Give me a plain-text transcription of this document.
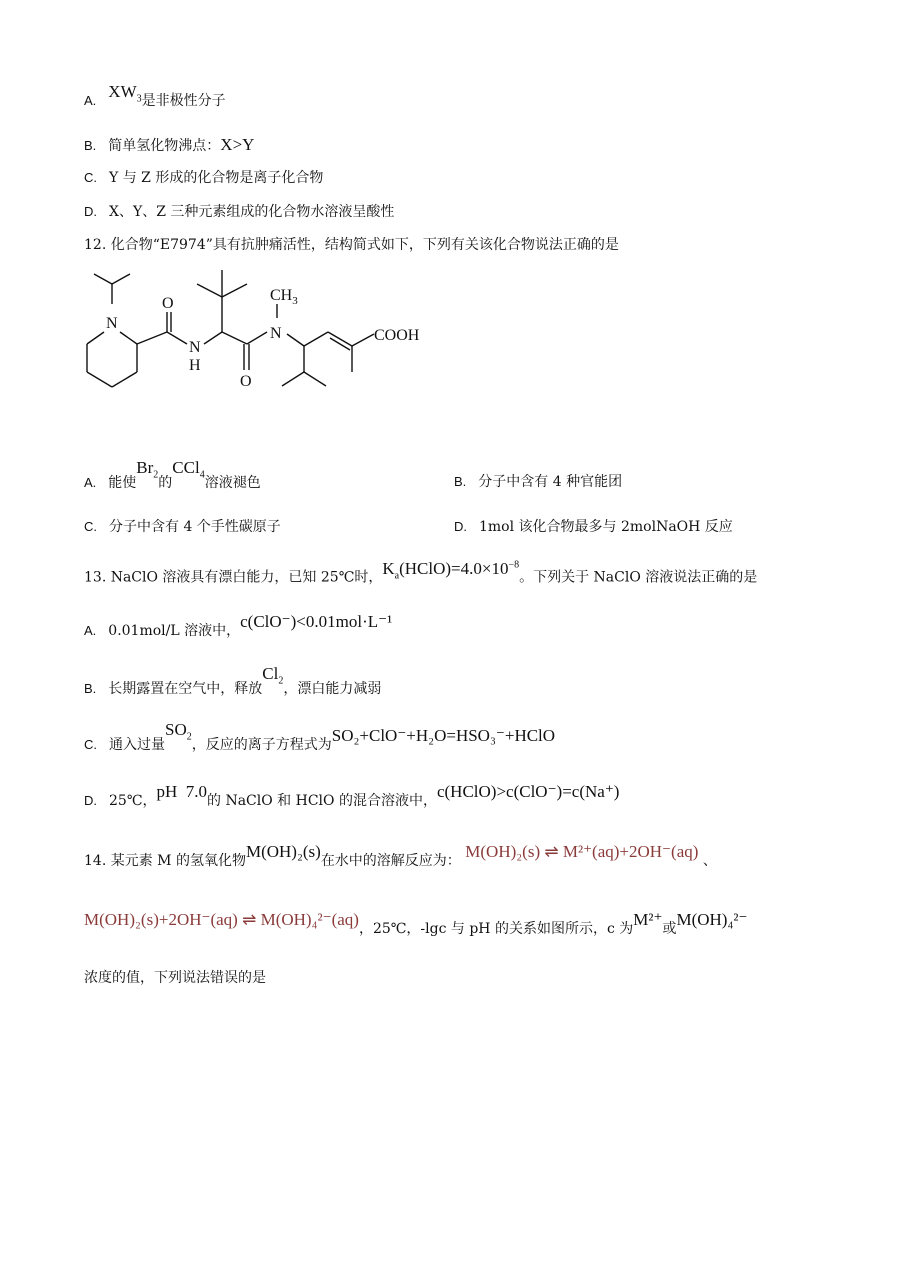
A. $XW_3$是非极性分子
B. 简单氢化物沸点：X>Y
C. Y 与 Z 形成的化合物是离子化合物
D. X、Y、Z 三种元素组成的化合物水溶液呈酸性
12. 化合物“E7974”具有抗肿痛活性，结构简式如下，下列有关该化合物说法正确的是
N
O
N
H
O
N
$CH_3$
COOH
A. 能使$Br_2$的CCl$_4$溶液褪色	B. 分子中含有 4 种官能团
C. 分子中含有 4 个手性碳原子	D. 1mol 该化合物最多与 2molNaOH 反应
13. NaClO 溶液具有漂白能力，已知 25℃时，$K_a(HClO)=4.0\times 10^{-8}$。下列关于 NaClO 溶液说法正确的是
A. 0.01mol/L 溶液中，c(ClO⁻)<0.01mol·L⁻¹
B. 长期露置在空气中，释放$Cl_2$，漂白能力减弱
C. 通入过量$SO_2$，反应的离子方程式为SO₂+ClO⁻+H₂O=HSO₃⁻+HClO
D. 25℃，pH 7.0的 NaClO 和 HClO 的混合溶液中，c(HClO)>c(ClO⁻)=c(Na⁺)
14. 某元素 M 的氢氧化物M(OH)₂(s)在水中的溶解反应为： M(OH)₂(s) ⇌ M²⁺(aq)+2OH⁻(aq) 、
M(OH)₂(s)+2OH⁻(aq) ⇌ M(OH)₄²⁻(aq)，25℃，-lgc 与 pH 的关系如图所示，c 为M²⁺或M(OH)₄²⁻
浓度的值，下列说法错误的是
